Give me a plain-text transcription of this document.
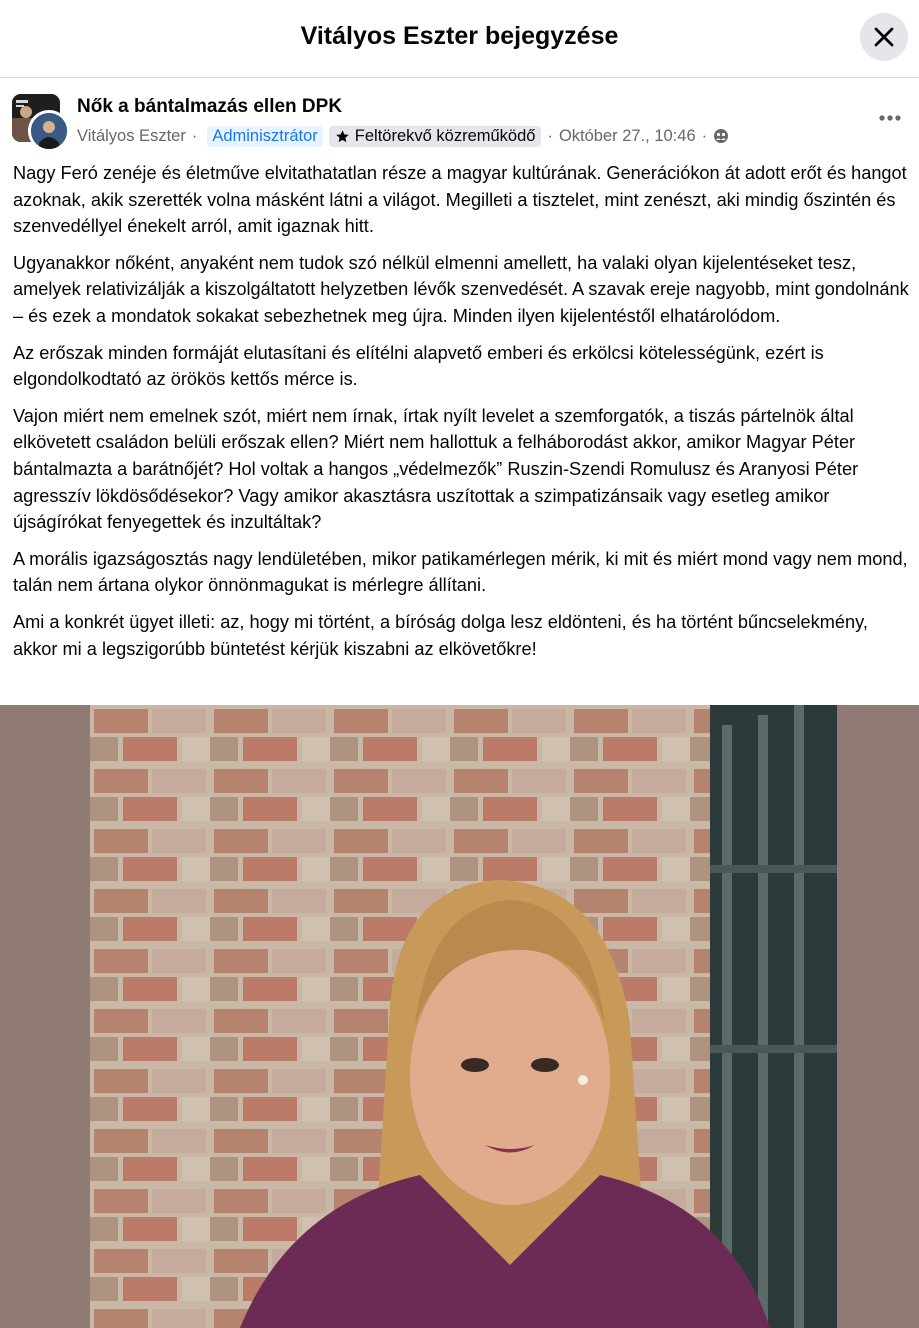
Vitályos Eszter bejegyzése
Nők a bántalmazás ellen DPK
Vitályos Eszter · Adminisztrátor	Feltörekvő közreműködő · Október 27., 10:46 ·

Nagy Feró zenéje és életműve elvitathatatlan része a magyar kultúrának. Generációkon át adott erőt és hangot azoknak, akik szerették volna másként látni a világot. Megilleti a tisztelet, mint zenészt, aki mindig őszintén és szenvedéllyel énekelt arról, amit igaznak hitt.

Ugyanakkor nőként, anyaként nem tudok szó nélkül elmenni amellett, ha valaki olyan kijelentéseket tesz, amelyek relativizálják a kiszolgáltatott helyzetben lévők szenvedését. A szavak ereje nagyobb, mint gondolnánk – és ezek a mondatok sokakat sebezhetnek meg újra. Minden ilyen kijelentéstől elhatárolódom.

Az erőszak minden formáját elutasítani és elítélni alapvető emberi és erkölcsi kötelességünk, ezért is elgondolkodtató az örökös kettős mérce is.

Vajon miért nem emelnek szót, miért nem írnak, írtak nyílt levelet a szemforgatók, a tiszás pártelnök által elkövetett családon belüli erőszak ellen? Miért nem hallottuk a felháborodást akkor, amikor Magyar Péter bántalmazta a barátnőjét? Hol voltak a hangos „védelmezők” Ruszin-Szendi Romulusz és Aranyosi Péter agresszív lökdösődésekor? Vagy amikor akasztásra uszítottak a szimpatizánsaik vagy esetleg amikor újságírókat fenyegettek és inzultáltak?

A morális igazságosztás nagy lendületében, mikor patikamérlegen mérik, ki mit és miért mond vagy nem mond, talán nem ártana olykor önnönmagukat is mérlegre állítani.

Ami a konkrét ügyet illeti: az, hogy mi történt, a bíróság dolga lesz eldönteni, és ha történt bűncselekmény, akkor mi a legszigorúbb büntetést kérjük kiszabni az elkövetőkre!
